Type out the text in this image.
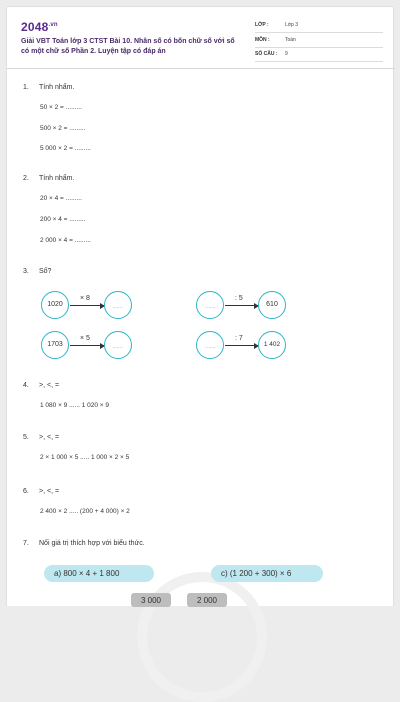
$2048^{.vn}$
Giải VBT Toán lớp 3 CTST Bài 10. Nhân số có bốn chữ số với số có một chữ số Phần 2. Luyện tập có đáp án
LỚP :	Lớp 3
MÔN :	Toán
SỐ CÂU : 9
1. Tính nhẩm.
50 × 2 = .........
500 × 2 = .........
5 000 × 2 = .........
2. Tính nhẩm.
20 × 4 = .........
200 × 4 = .........
2 000 × 4 = .........
3. Số?
1020
× 8
........
1703
× 5
........
........
: 5
610
........
: 7
1 402
4. >, <, =
1 080 × 9 ...... 1 020 × 9
5. >, <, =
2 × 1 000 × 5 ..... 1 000 × 2 × 5
6. >, <, =
2 400 × 2 ..... (200 + 4 000) × 2
7. Nối giá trị thích hợp với biểu thức.
a) 800 × 4 + 1 800	c) (1 200 + 300) × 6
3 000	2 000
